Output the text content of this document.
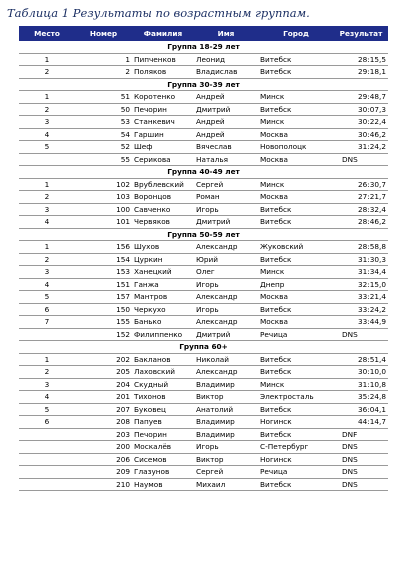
Таблица 1 Результаты по возрастным группам.
Место	Номер	Фамилия	Имя	Город	Результат
Группа 18-29 лет					
1	1	Пипченков	Леонид	Витебск	28:15,5
2	2	Поляков	Владислав	Витебск	29:18,1
Группа 30-39 лет					
1	51	Коротенко	Андрей	Минск	29:48,7
2	50	Печорин	Дмитрий	Витебск	30:07,3
3	53	Станкевич	Андрей	Минск	30:22,4
4	54	Гаршин	Андрей	Москва	30:46,2
5	52	Шеф	Вячеслав	Новополоцк	31:24,2
	55	Серикова	Наталья	Москва	DNS
Группа 40-49 лет					
1	102	Врублевский	Сергей	Минск	26:30,7
2	103	Воронцов	Роман	Москва	27:21,7
3	100	Савченко	Игорь	Витебск	28:32,4
4	101	Червяков	Дмитрий	Витебск	28:46,2
Группа 50-59 лет					
1	156	Шухов	Александр	Жуковский	28:58,8
2	154	Цуркин	Юрий	Витебск	31:30,3
3	153	Ханецкий	Олег	Минск	31:34,4
4	151	Ганжа	Игорь	Днепр	32:15,0
5	157	Мантров	Александр	Москва	33:21,4
6	150	Черкухо	Игорь	Витебск	33:24,2
7	155	Банько	Александр	Москва	33:44,9
	152	Филиппенко	Дмитрий	Речица	DNS
Группа 60+					
1	202	Бакланов	Николай	Витебск	28:51,4
2	205	Лаховский	Александр	Витебск	30:10,0
3	204	Скудный	Владимир	Минск	31:10,8
4	201	Тихонов	Виктор	Электросталь	35:24,8
5	207	Буковец	Анатолий	Витебск	36:04,1
6	208	Папуев	Владимир	Ногинск	44:14,7
	203	Печорин	Владимир	Витебск	DNF
	200	Москалёв	Игорь	С-Петербург	DNS
	206	Сисемов	Виктор	Ногинск	DNS
	209	Глазунов	Сергей	Речица	DNS
	210	Наумов	Михаил	Витебск	DNS
